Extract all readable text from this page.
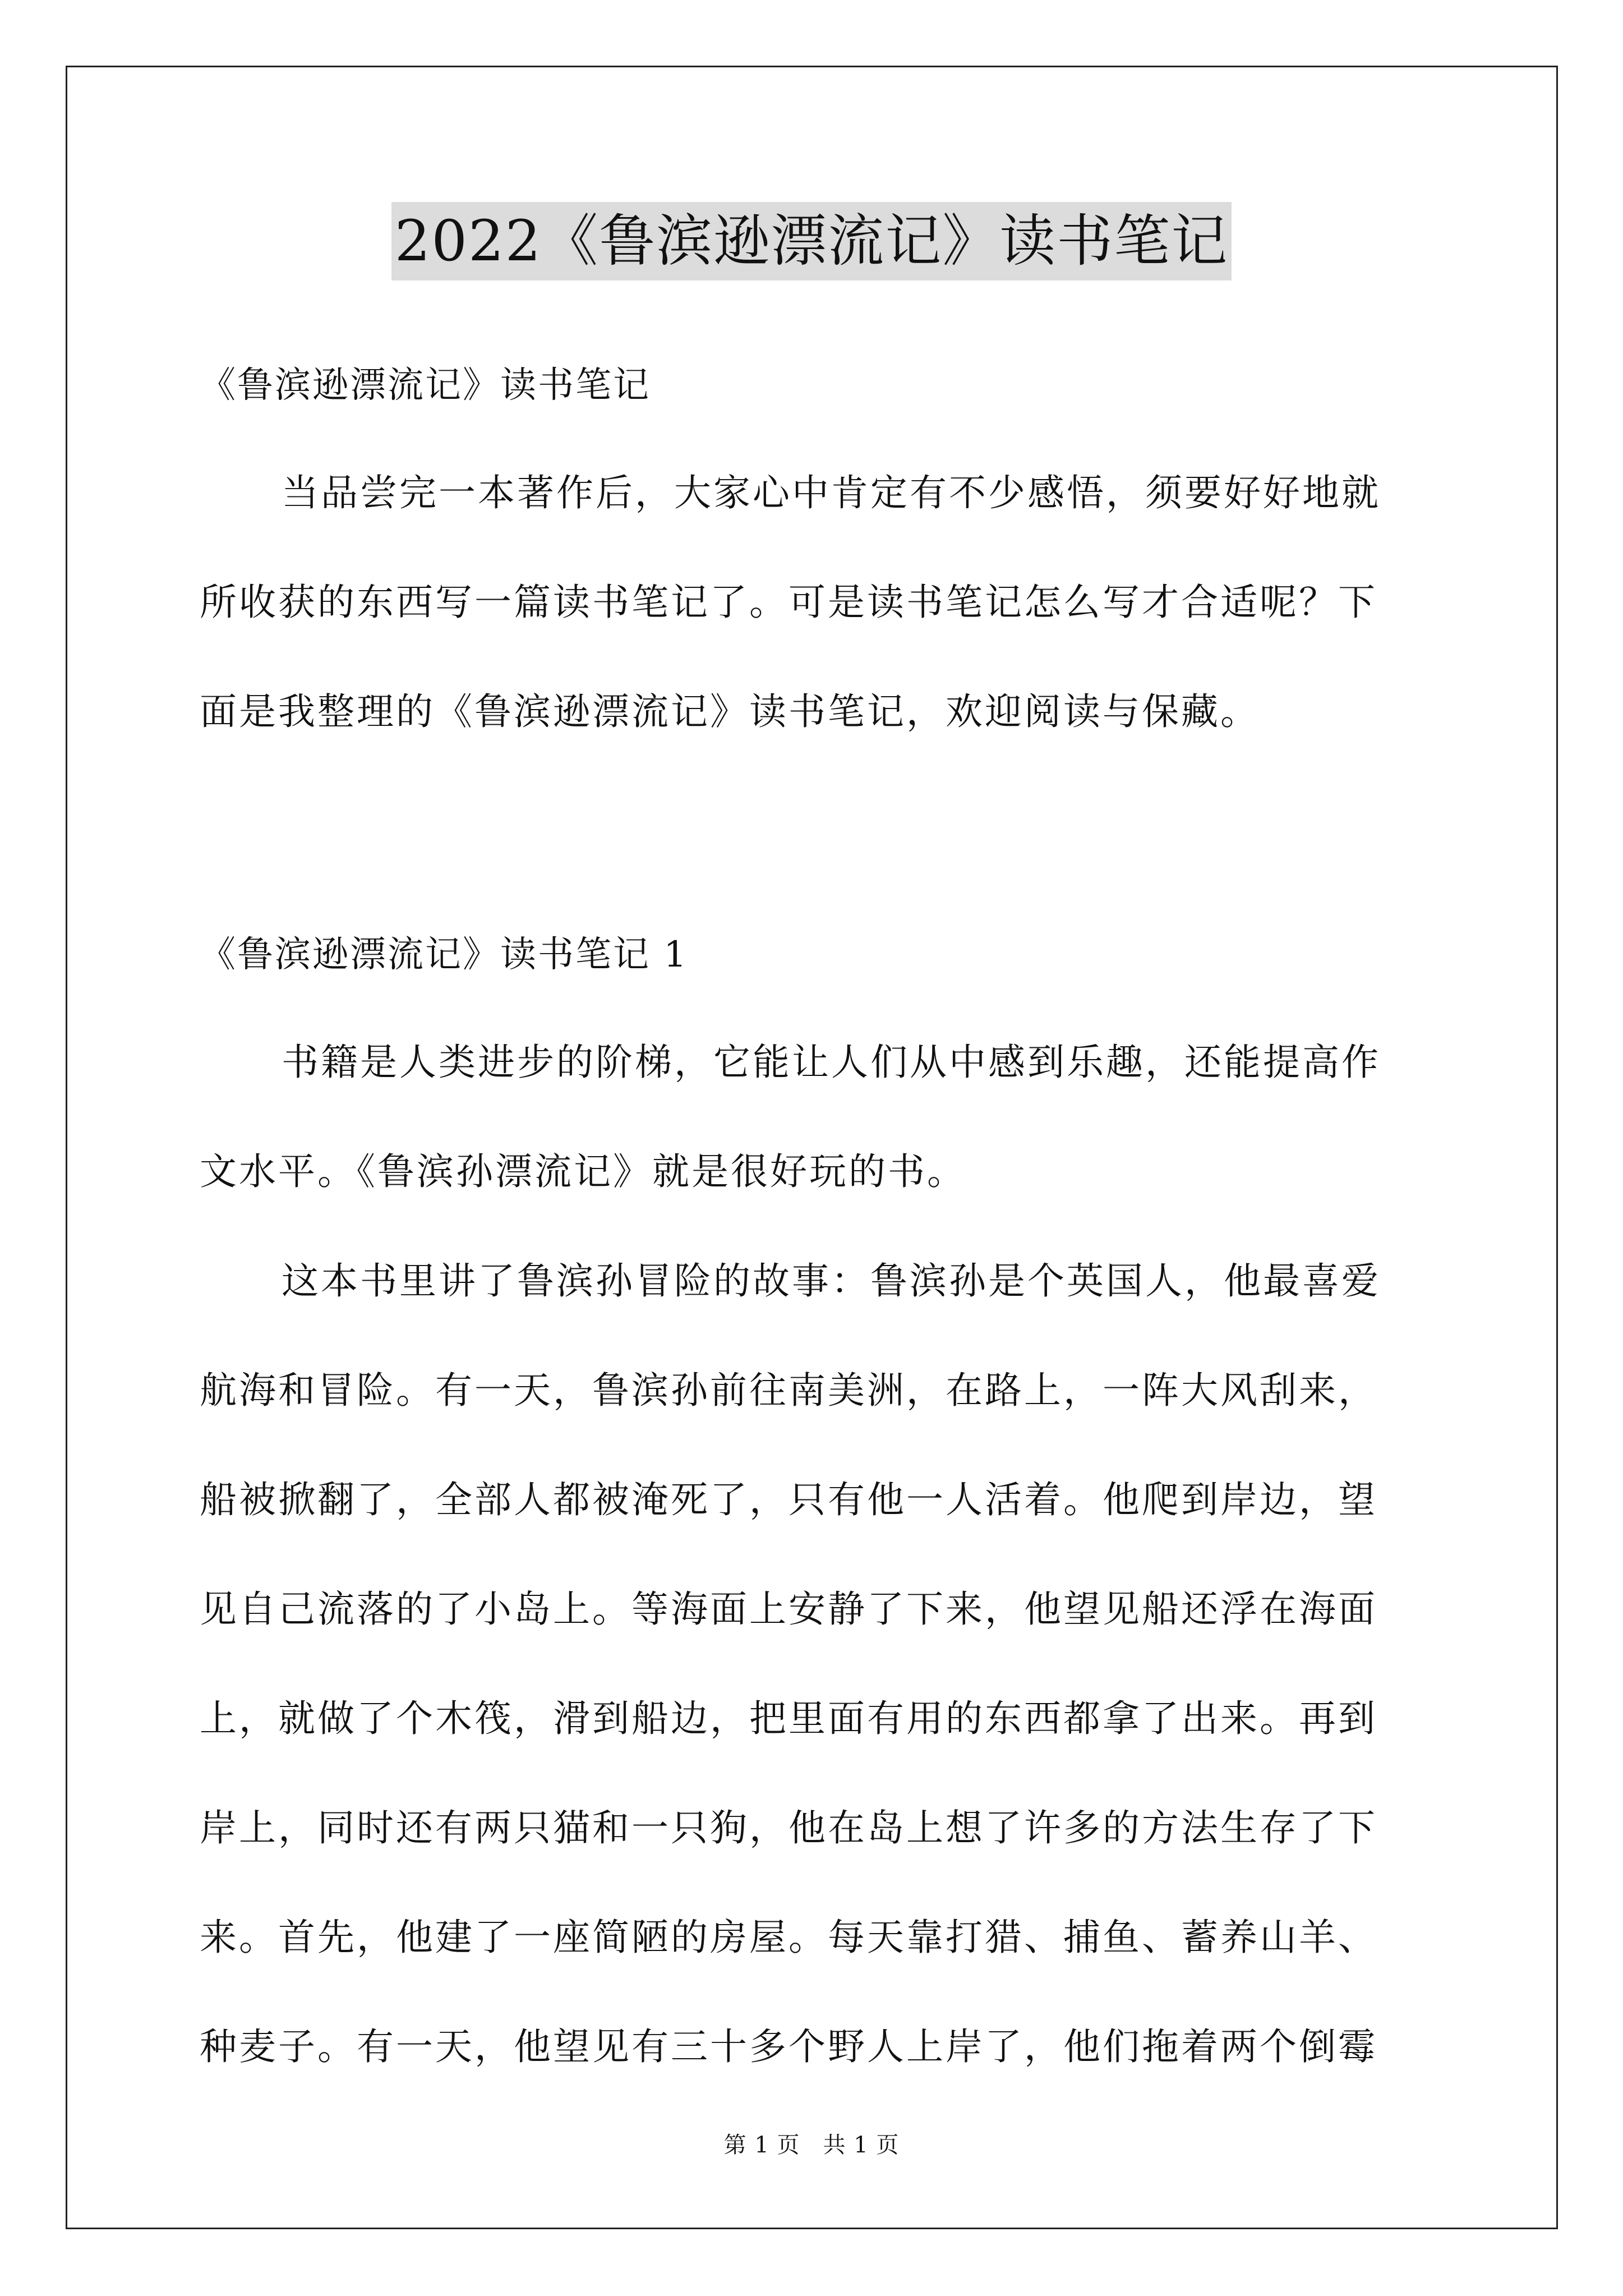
2022《鲁滨逊漂流记》读书笔记
《鲁滨逊漂流记》读书笔记
当品尝完一本著作后，大家心中肯定有不少感悟，须要好好地就
所收获的东西写一篇读书笔记了。可是读书笔记怎么写才合适呢？下
面是我整理的《鲁滨逊漂流记》读书笔记，欢迎阅读与保藏。
《鲁滨逊漂流记》读书笔记 1
书籍是人类进步的阶梯，它能让人们从中感到乐趣，还能提高作
文水平。《鲁滨孙漂流记》就是很好玩的书。
这本书里讲了鲁滨孙冒险的故事：鲁滨孙是个英国人，他最喜爱
航海和冒险。有一天，鲁滨孙前往南美洲，在路上，一阵大风刮来，
船被掀翻了，全部人都被淹死了，只有他一人活着。他爬到岸边，望
见自己流落的了小岛上。等海面上安静了下来，他望见船还浮在海面
上，就做了个木筏，滑到船边，把里面有用的东西都拿了出来。再到
岸上，同时还有两只猫和一只狗，他在岛上想了许多的方法生存了下
来。首先，他建了一座简陋的房屋。每天靠打猎、捕鱼、蓄养山羊、
种麦子。有一天，他望见有三十多个野人上岸了，他们拖着两个倒霉
第 1 页　共 1 页
